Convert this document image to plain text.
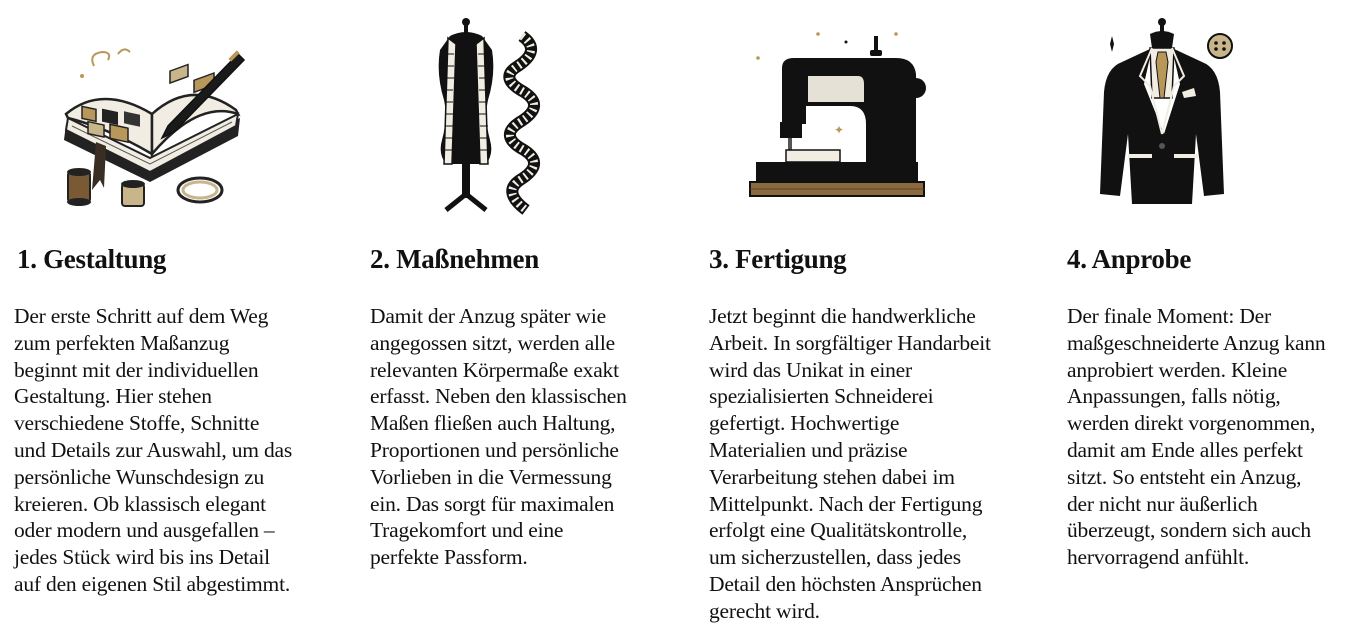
1. Gestaltung

Der erste Schritt auf dem Weg
zum perfekten Maßanzug
beginnt mit der individuellen
Gestaltung. Hier stehen
verschiedene Stoffe, Schnitte
und Details zur Auswahl, um das
persönliche Wunschdesign zu
kreieren. Ob klassisch elegant
oder modern und ausgefallen –
jedes Stück wird bis ins Detail
auf den eigenen Stil abgestimmt.

2. Maßnehmen

Damit der Anzug später wie
angegossen sitzt, werden alle
relevanten Körpermaße exakt
erfasst. Neben den klassischen
Maßen fließen auch Haltung,
Proportionen und persönliche
Vorlieben in die Vermessung
ein. Das sorgt für maximalen
Tragekomfort und eine
perfekte Passform.

✦
3. Fertigung

Jetzt beginnt die handwerkliche
Arbeit. In sorgfältiger Handarbeit
wird das Unikat in einer
spezialisierten Schneiderei
gefertigt. Hochwertige
Materialien und präzise
Verarbeitung stehen dabei im
Mittelpunkt. Nach der Fertigung
erfolgt eine Qualitätskontrolle,
um sicherzustellen, dass jedes
Detail den höchsten Ansprüchen
gerecht wird.

4. Anprobe

Der finale Moment: Der
maßgeschneiderte Anzug kann
anprobiert werden. Kleine
Anpassungen, falls nötig,
werden direkt vorgenommen,
damit am Ende alles perfekt
sitzt. So entsteht ein Anzug,
der nicht nur äußerlich
überzeugt, sondern sich auch
hervorragend anfühlt.
